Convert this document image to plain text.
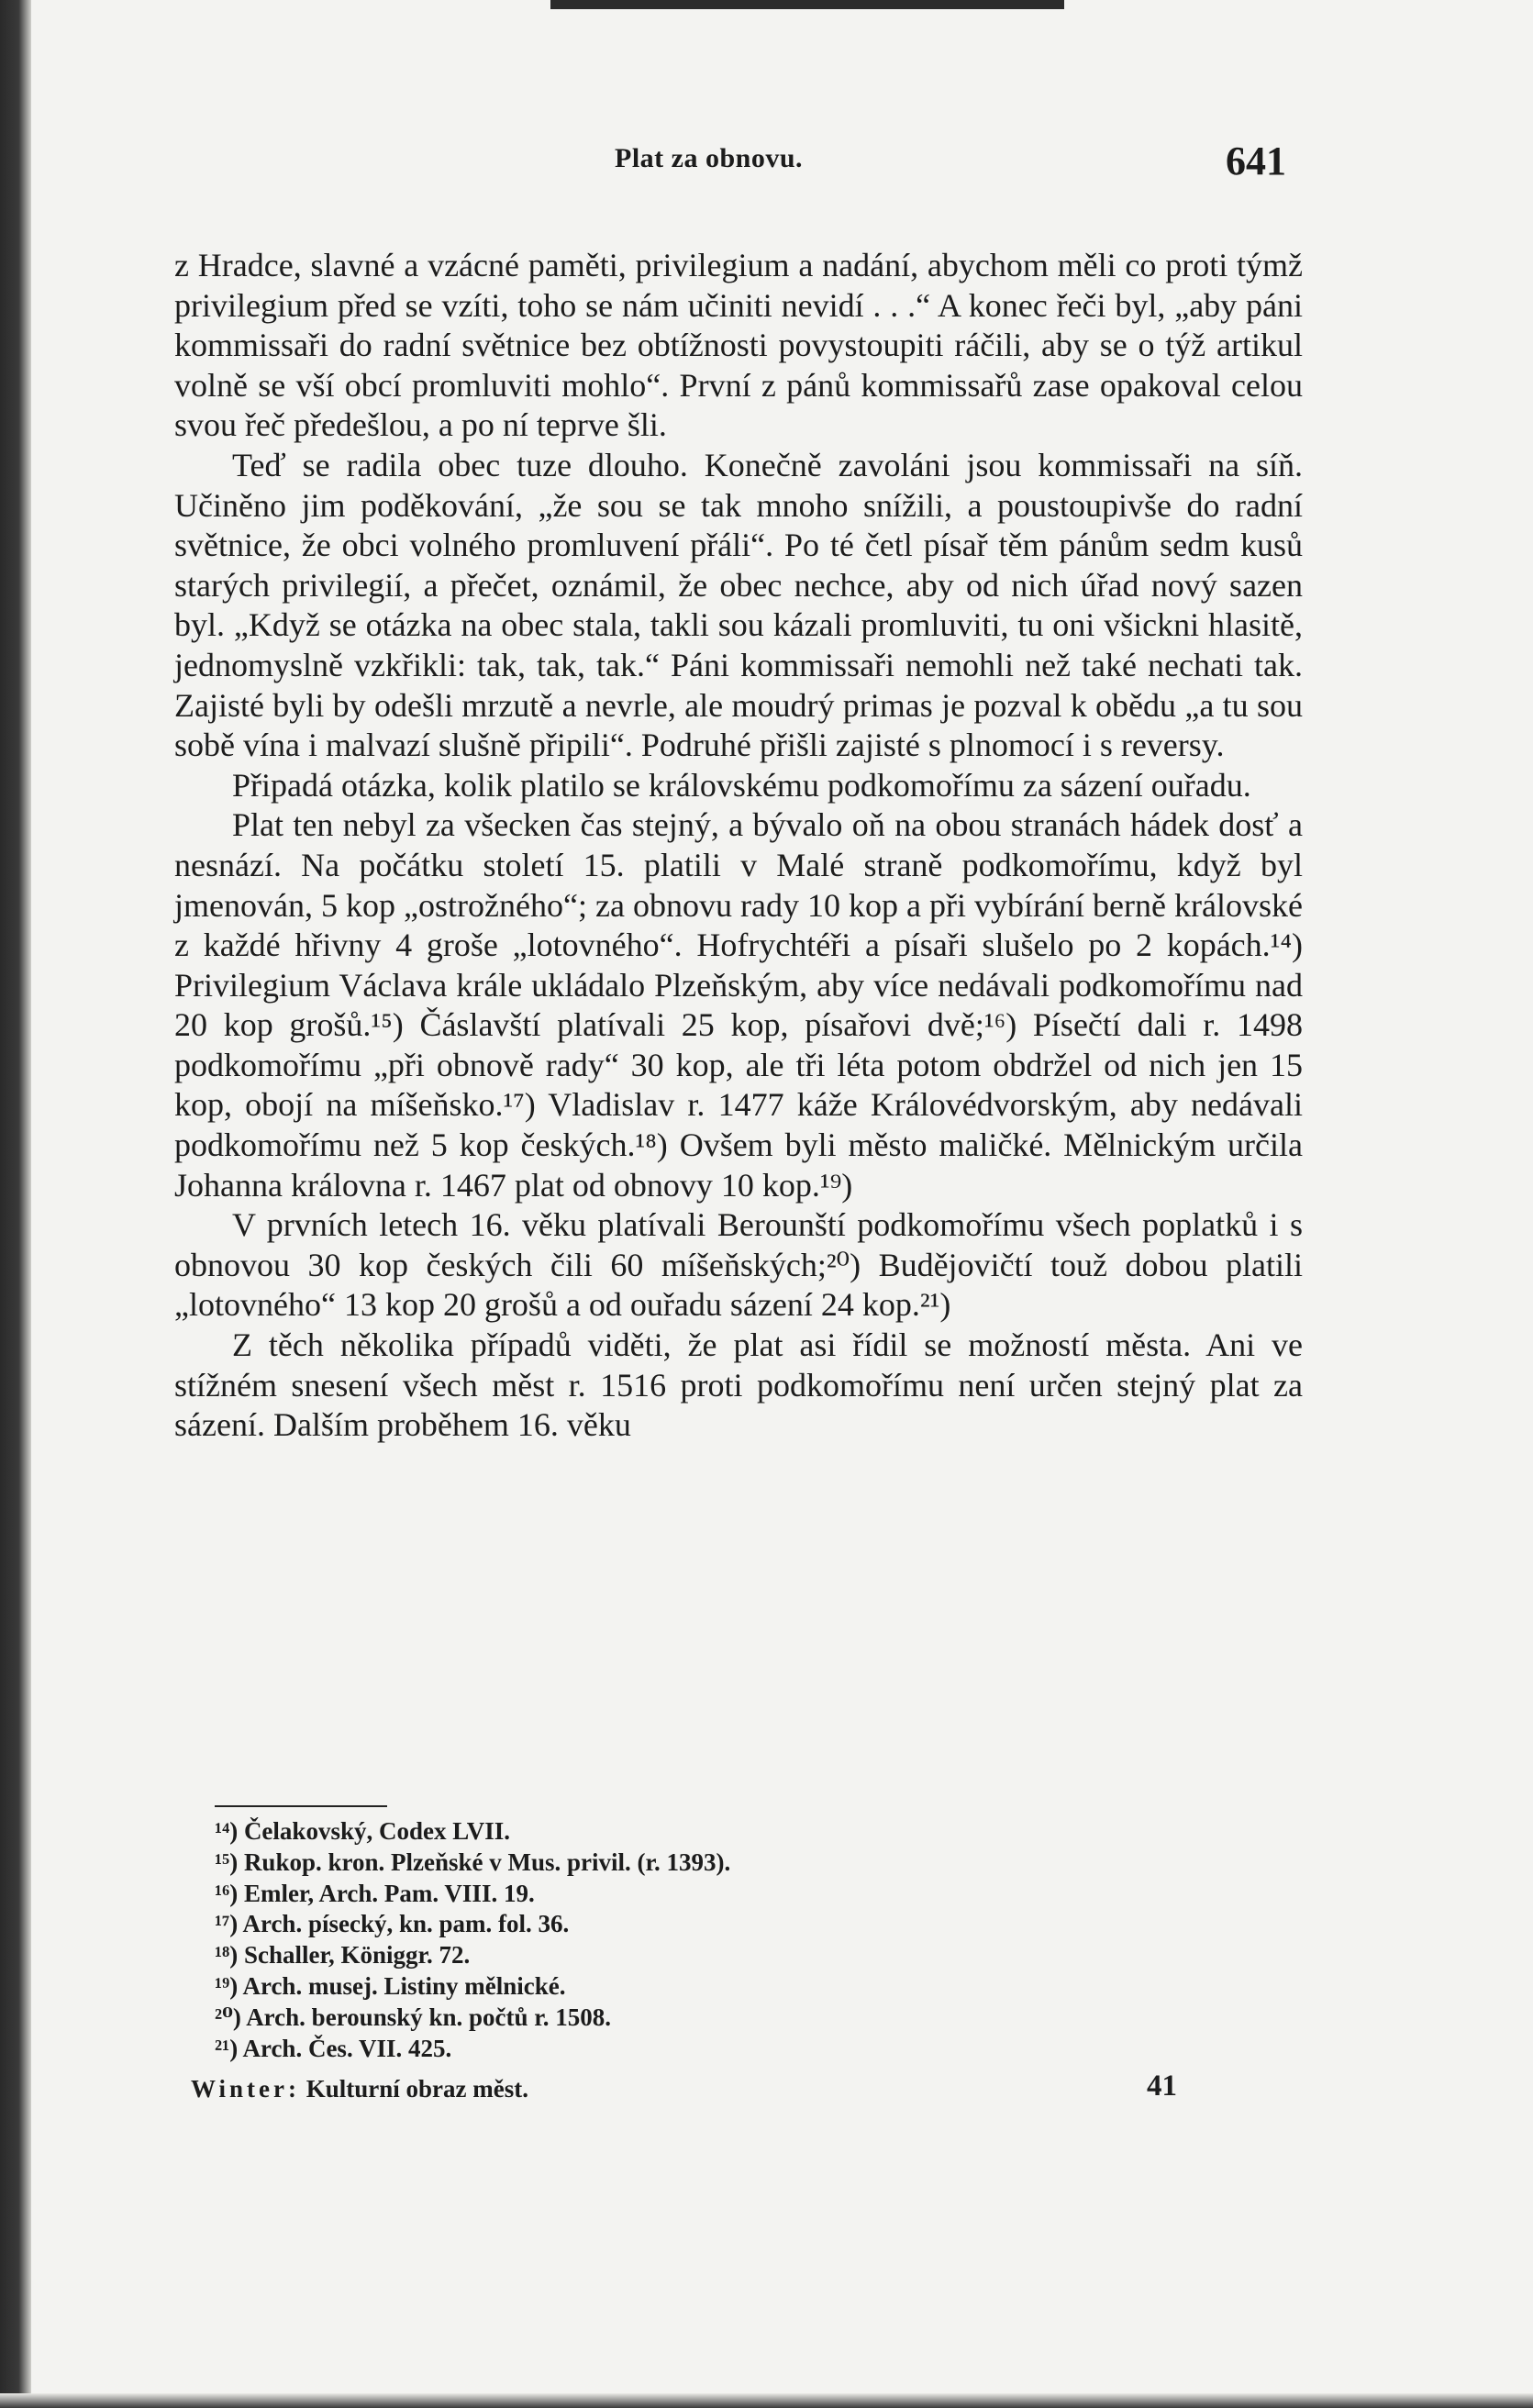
Plat za obnovu.	641

z Hradce, slavné a vzácné paměti, privilegium a nadání, abychom měli co proti týmž privilegium před se vzíti, toho se nám učiniti nevidí . . .“ A konec řeči byl, „aby páni kommissaři do radní světnice bez obtížnosti povystoupiti ráčili, aby se o týž artikul volně se vší obcí promluviti mohlo“. První z pánů kommissařů zase opakoval celou svou řeč předešlou, a po ní teprve šli.

Teď se radila obec tuze dlouho. Konečně zavoláni jsou kommissaři na síň. Učiněno jim poděkování, „že sou se tak mnoho snížili, a poustoupivše do radní světnice, že obci volného promluvení přáli“. Po té četl písař těm pánům sedm kusů starých privilegií, a přečet, oznámil, že obec nechce, aby od nich úřad nový sazen byl. „Když se otázka na obec stala, takli sou kázali promluviti, tu oni všickni hlasitě, jednomyslně vzkřikli: tak, tak, tak.“ Páni kommissaři nemohli než také nechati tak. Zajisté byli by odešli mrzutě a nevrle, ale moudrý primas je pozval k obědu „a tu sou sobě vína i malvazí slušně připili“. Podruhé přišli zajisté s plnomocí i s reversy.

Připadá otázka, kolik platilo se královskému podkomořímu za sázení ouřadu.

Plat ten nebyl za všecken čas stejný, a bývalo oň na obou stranách hádek dosť a nesnází. Na počátku století 15. platili v Malé straně podkomořímu, když byl jmenován, 5 kop „ostrožného“; za obnovu rady 10 kop a při vybírání berně královské z každé hřivny 4 groše „lotovného“. Hofrychtéři a písaři slušelo po 2 kopách.¹⁴) Privilegium Václava krále ukládalo Plzeňským, aby více nedávali podkomořímu nad 20 kop grošů.¹⁵) Čáslavští platívali 25 kop, písařovi dvě;¹⁶) Písečtí dali r. 1498 podkomořímu „při obnově rady“ 30 kop, ale tři léta potom obdržel od nich jen 15 kop, obojí na míšeňsko.¹⁷) Vladislav r. 1477 káže Královédvorským, aby nedávali podkomořímu než 5 kop českých.¹⁸) Ovšem byli město maličké. Mělnickým určila Johanna královna r. 1467 plat od obnovy 10 kop.¹⁹)

V prvních letech 16. věku platívali Berounští podkomořímu všech poplatků i s obnovou 30 kop českých čili 60 míšeňských;²⁰) Budějovičtí touž dobou platili „lotovného“ 13 kop 20 grošů a od ouřadu sázení 24 kop.²¹)

Z těch několika případů viděti, že plat asi řídil se možností města. Ani ve stížném snesení všech měst r. 1516 proti podkomořímu není určen stejný plat za sázení. Dalším proběhem 16. věku

¹⁴) Čelakovský, Codex LVII.
¹⁵) Rukop. kron. Plzeňské v Mus. privil. (r. 1393).
¹⁶) Emler, Arch. Pam. VIII. 19.
¹⁷) Arch. písecký, kn. pam. fol. 36.
¹⁸) Schaller, Königgr. 72.
¹⁹) Arch. musej. Listiny mělnické.
²⁰) Arch. berounský kn. počtů r. 1508.
²¹) Arch. Čes. VII. 425.
Winter: Kulturní obraz měst.	41
